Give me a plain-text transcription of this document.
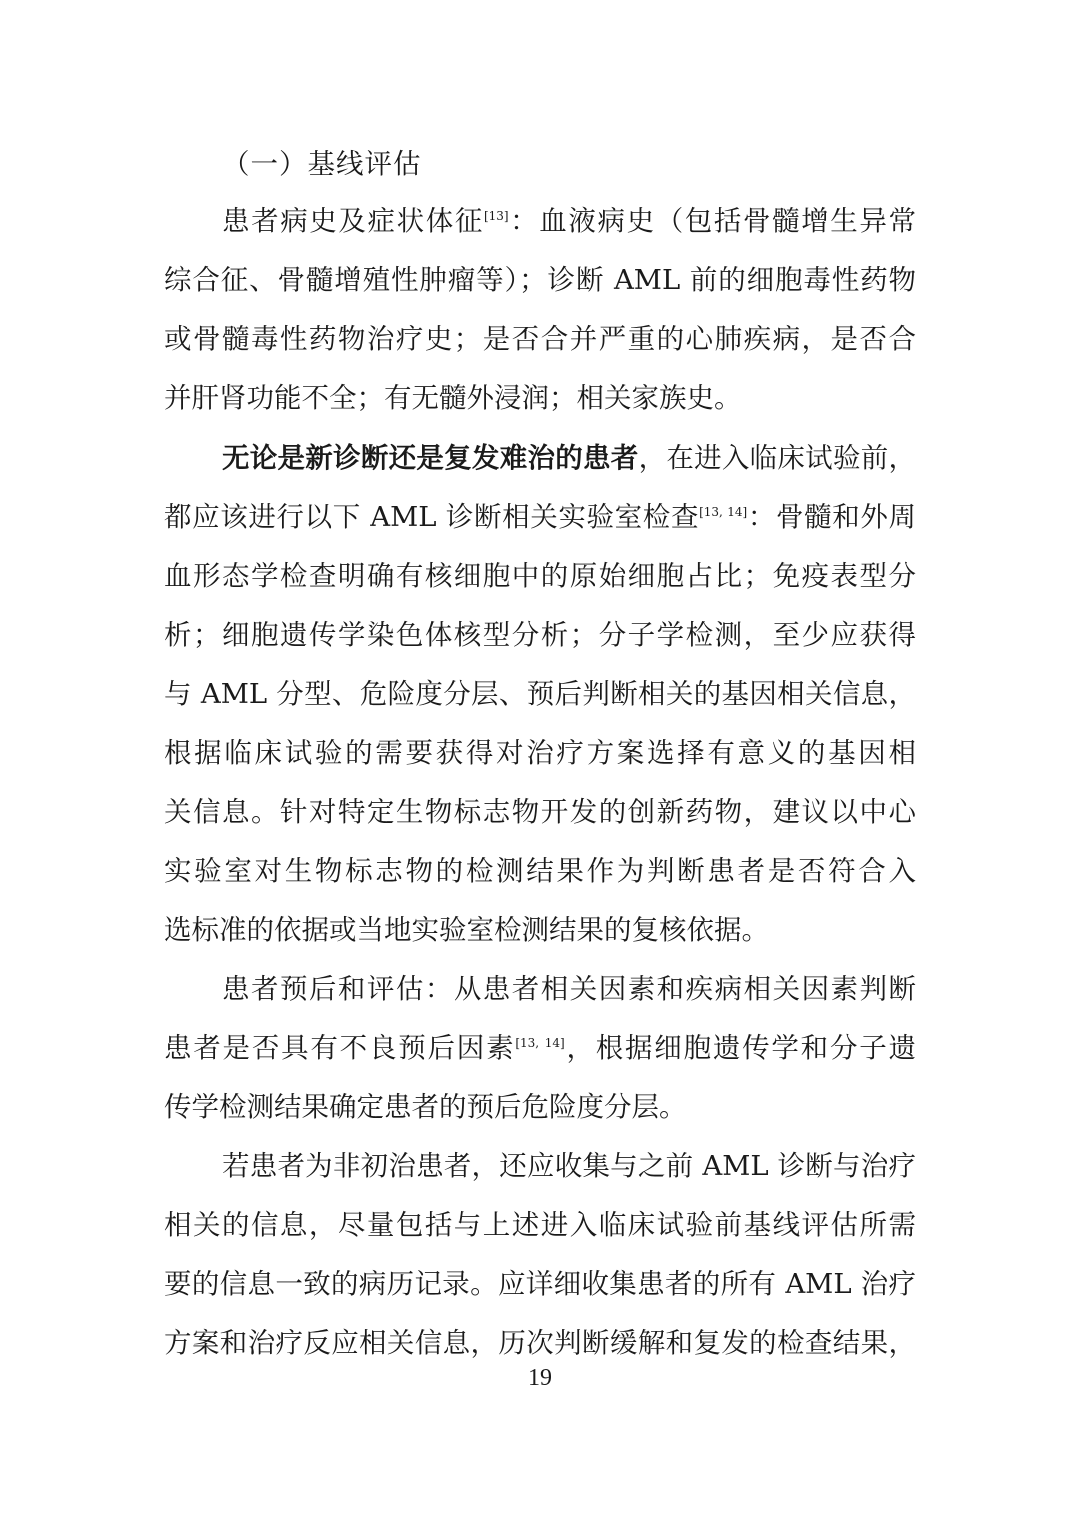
（一）基线评估
患者病史及症状体征[13]：血液病史（包括骨髓增生异常
综合征、骨髓增殖性肿瘤等）；诊断 AML 前的细胞毒性药物
或骨髓毒性药物治疗史；是否合并严重的心肺疾病，是否合
并肝肾功能不全；有无髓外浸润；相关家族史。
无论是新诊断还是复发难治的患者，在进入临床试验前，
都应该进行以下 AML 诊断相关实验室检查[13, 14]：骨髓和外周
血形态学检查明确有核细胞中的原始细胞占比；免疫表型分
析；细胞遗传学染色体核型分析；分子学检测，至少应获得
与 AML 分型、危险度分层、预后判断相关的基因相关信息，
根据临床试验的需要获得对治疗方案选择有意义的基因相
关信息。针对特定生物标志物开发的创新药物，建议以中心
实验室对生物标志物的检测结果作为判断患者是否符合入
选标准的依据或当地实验室检测结果的复核依据。
患者预后和评估：从患者相关因素和疾病相关因素判断
患者是否具有不良预后因素[13, 14]，根据细胞遗传学和分子遗
传学检测结果确定患者的预后危险度分层。
若患者为非初治患者，还应收集与之前 AML 诊断与治疗
相关的信息，尽量包括与上述进入临床试验前基线评估所需
要的信息一致的病历记录。应详细收集患者的所有 AML 治疗
方案和治疗反应相关信息，历次判断缓解和复发的检查结果，
19
